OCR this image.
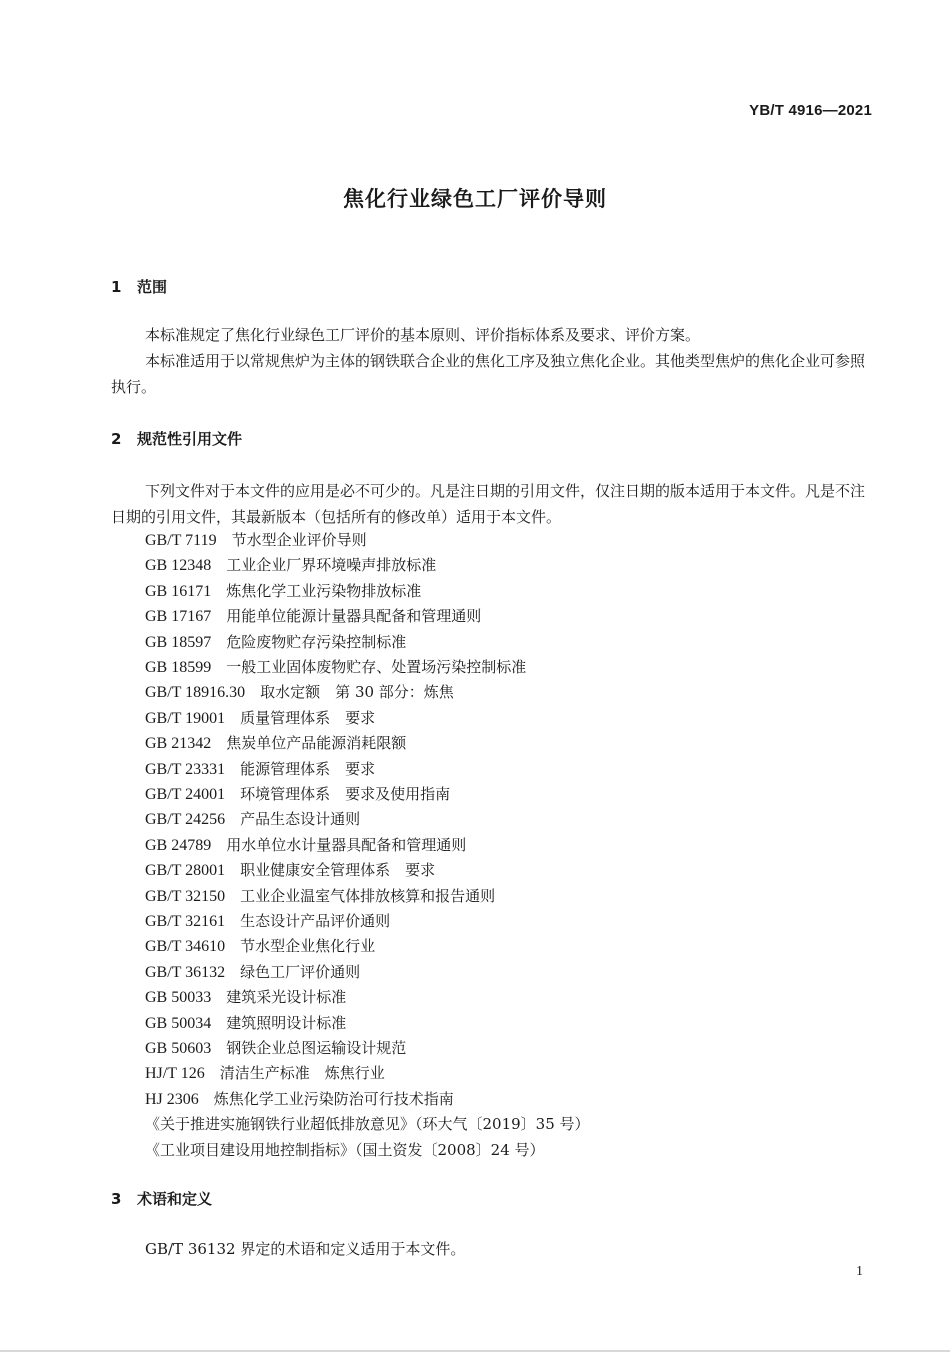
YB/T 4916—2021
焦化行业绿色工厂评价导则
1 范围
本标准规定了焦化行业绿色工厂评价的基本原则、评价指标体系及要求、评价方案。
本标准适用于以常规焦炉为主体的钢铁联合企业的焦化工序及独立焦化企业。其他类型焦炉的焦化企业可参照执行。
2 规范性引用文件
下列文件对于本文件的应用是必不可少的。凡是注日期的引用文件，仅注日期的版本适用于本文件。凡是不注日期的引用文件，其最新版本（包括所有的修改单）适用于本文件。
GB/T 7119　 节水型企业评价导则
GB 12348　 工业企业厂界环境噪声排放标准
GB 16171　 炼焦化学工业污染物排放标准
GB 17167　 用能单位能源计量器具配备和管理通则
GB 18597　 危险废物贮存污染控制标准
GB 18599　 一般工业固体废物贮存、处置场污染控制标准
GB/T 18916.30　 取水定额　第 30 部分：炼焦
GB/T 19001　 质量管理体系　要求
GB 21342　 焦炭单位产品能源消耗限额
GB/T 23331　 能源管理体系　要求
GB/T 24001　 环境管理体系　要求及使用指南
GB/T 24256　 产品生态设计通则
GB 24789　 用水单位水计量器具配备和管理通则
GB/T 28001　 职业健康安全管理体系　要求
GB/T 32150　 工业企业温室气体排放核算和报告通则
GB/T 32161　 生态设计产品评价通则
GB/T 34610　 节水型企业焦化行业
GB/T 36132　 绿色工厂评价通则
GB 50033　 建筑采光设计标准
GB 50034　 建筑照明设计标准
GB 50603　 钢铁企业总图运输设计规范
HJ/T 126　 清洁生产标准　炼焦行业
HJ 2306　 炼焦化学工业污染防治可行技术指南
《关于推进实施钢铁行业超低排放意见》（环大气〔2019〕35 号）
《工业项目建设用地控制指标》（国土资发〔2008〕24 号）
3 术语和定义
GB/T 36132 界定的术语和定义适用于本文件。
1
